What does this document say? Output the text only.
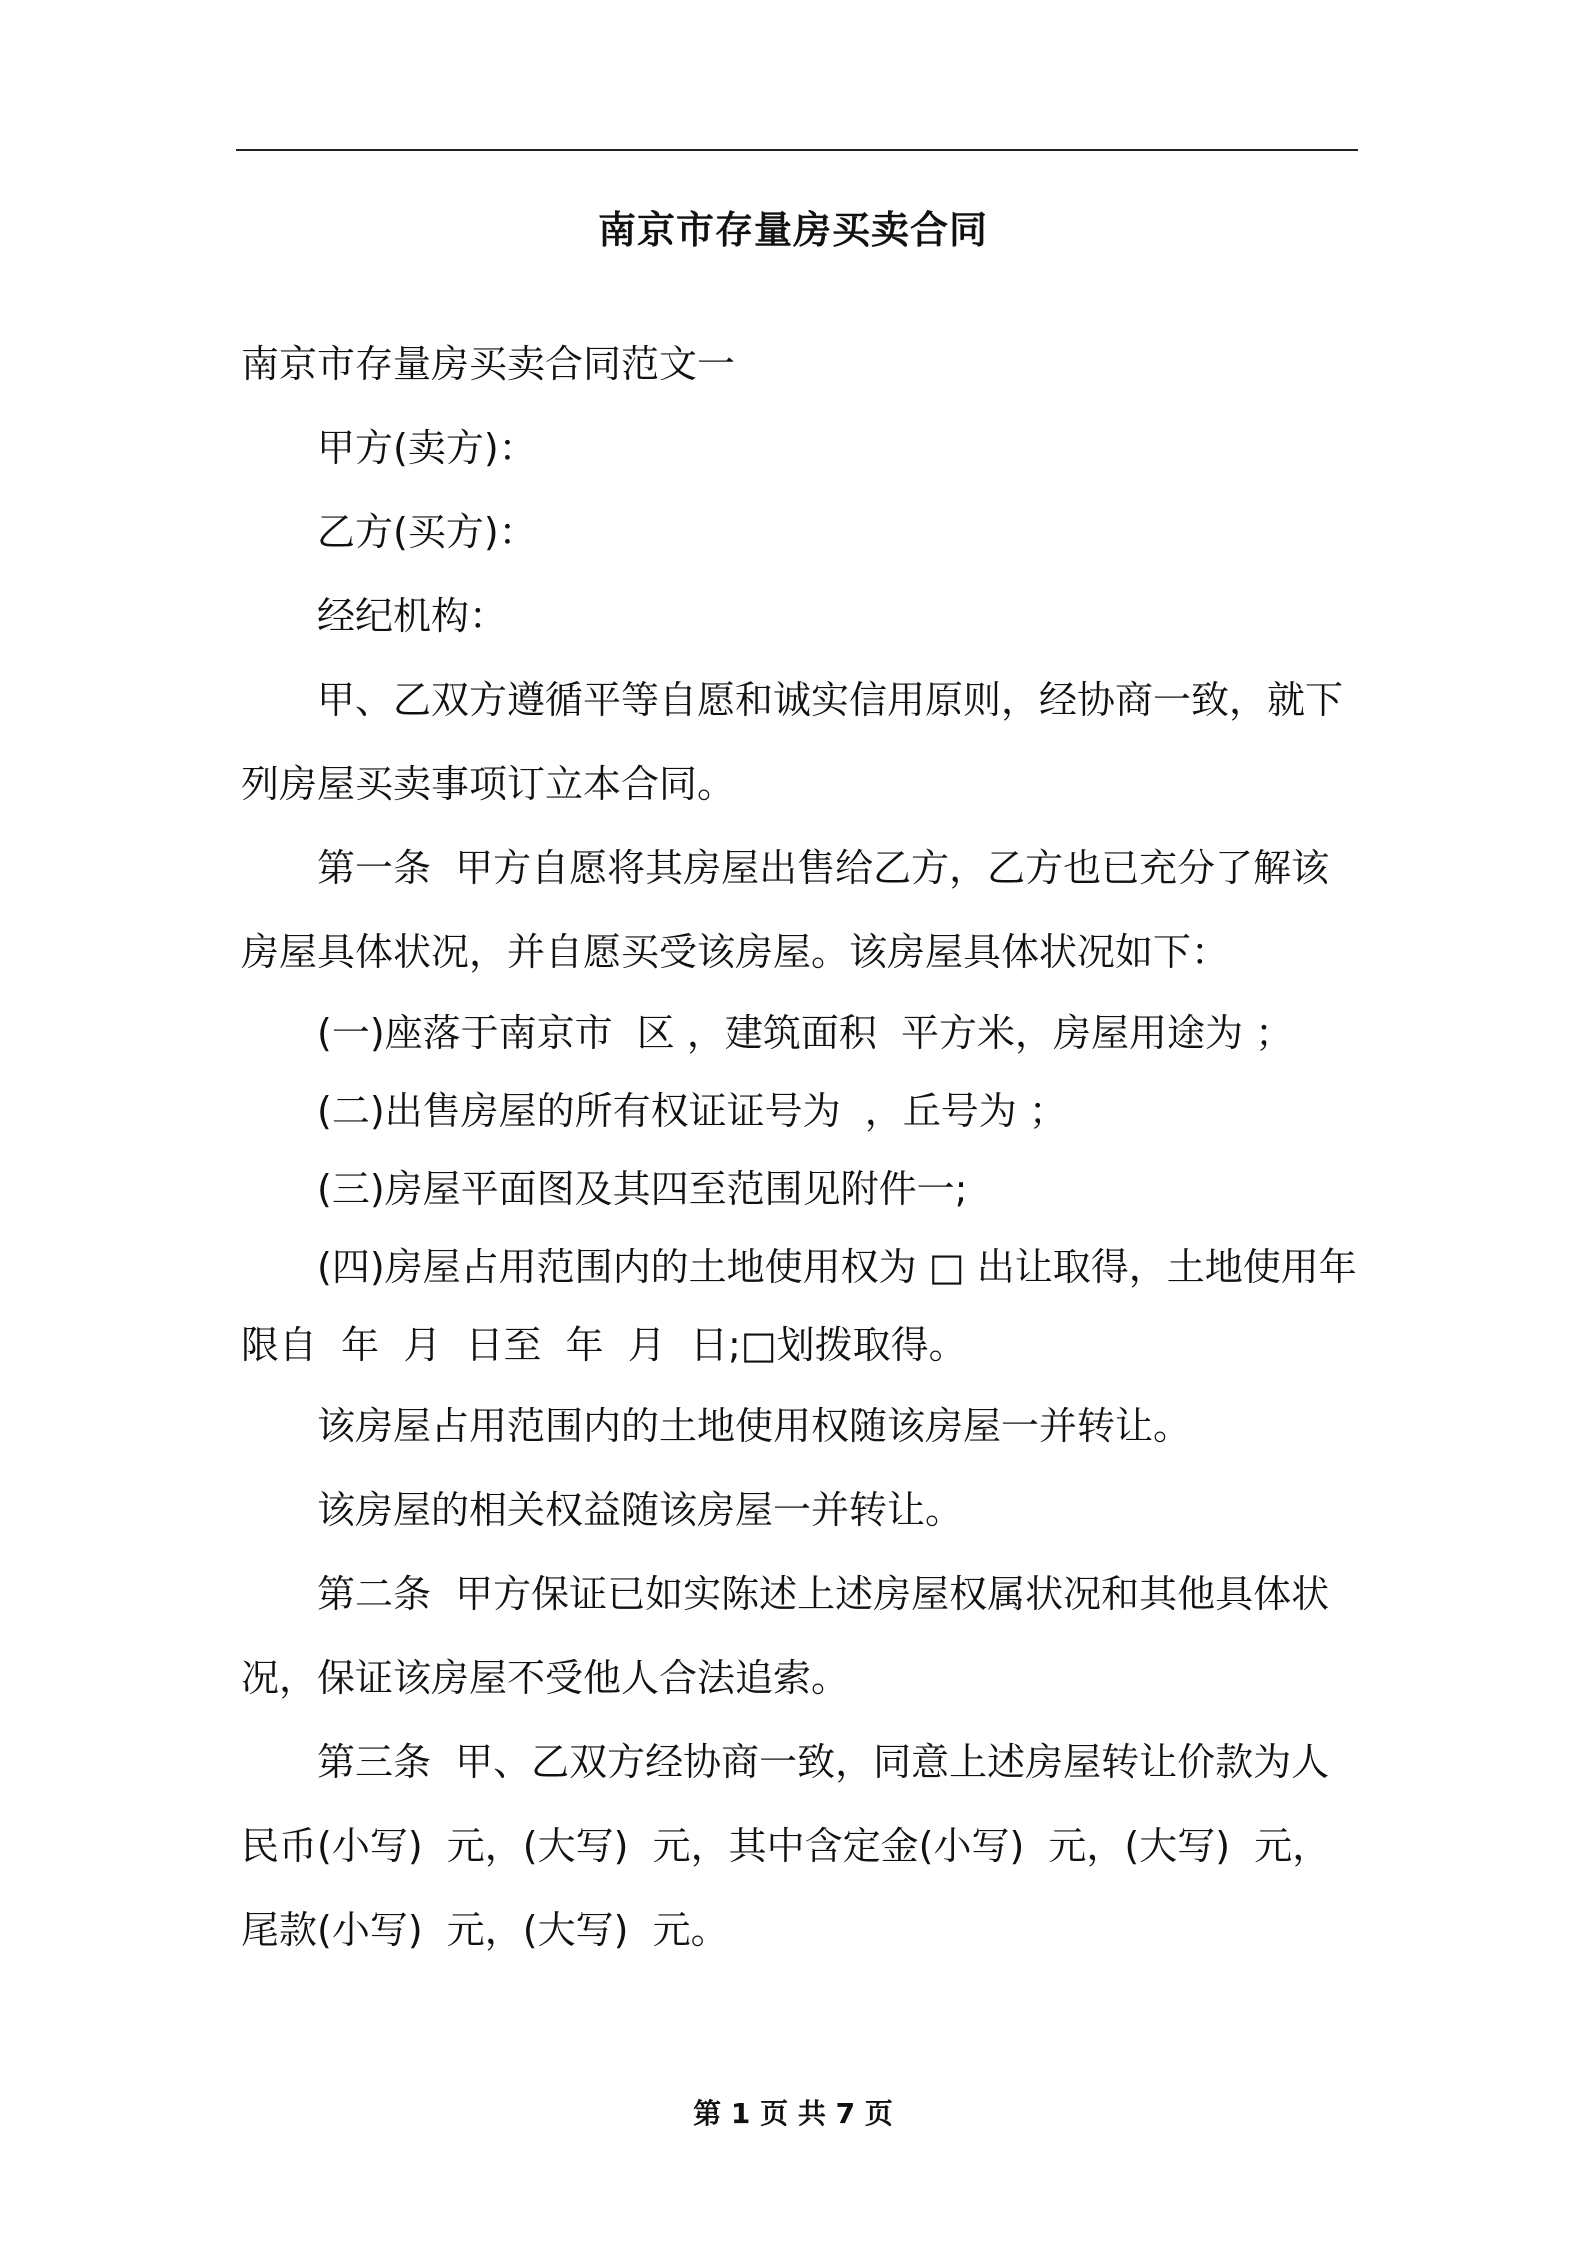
南京市存量房买卖合同

南京市存量房买卖合同范文一

甲方(卖方)：

乙方(买方)：

经纪机构：

甲、乙双方遵循平等自愿和诚实信用原则，经协商一致，就下列房屋买卖事项订立本合同。

第一条  甲方自愿将其房屋出售给乙方，乙方也已充分了解该房屋具体状况，并自愿买受该房屋。该房屋具体状况如下：

(一)座落于南京市  区 ，建筑面积  平方米，房屋用途为 ；

(二)出售房屋的所有权证证号为  ，丘号为 ；

(三)房屋平面图及其四至范围见附件一;

(四)房屋占用范围内的土地使用权为 □ 出让取得，土地使用年限自  年  月  日至  年  月  日;□划拨取得。

该房屋占用范围内的土地使用权随该房屋一并转让。

该房屋的相关权益随该房屋一并转让。

第二条  甲方保证已如实陈述上述房屋权属状况和其他具体状况，保证该房屋不受他人合法追索。

第三条  甲、乙双方经协商一致，同意上述房屋转让价款为人民币(小写)  元，(大写)  元，其中含定金(小写)  元，(大写)  元，尾款(小写)  元，(大写)  元。

第 1 页 共 7 页
